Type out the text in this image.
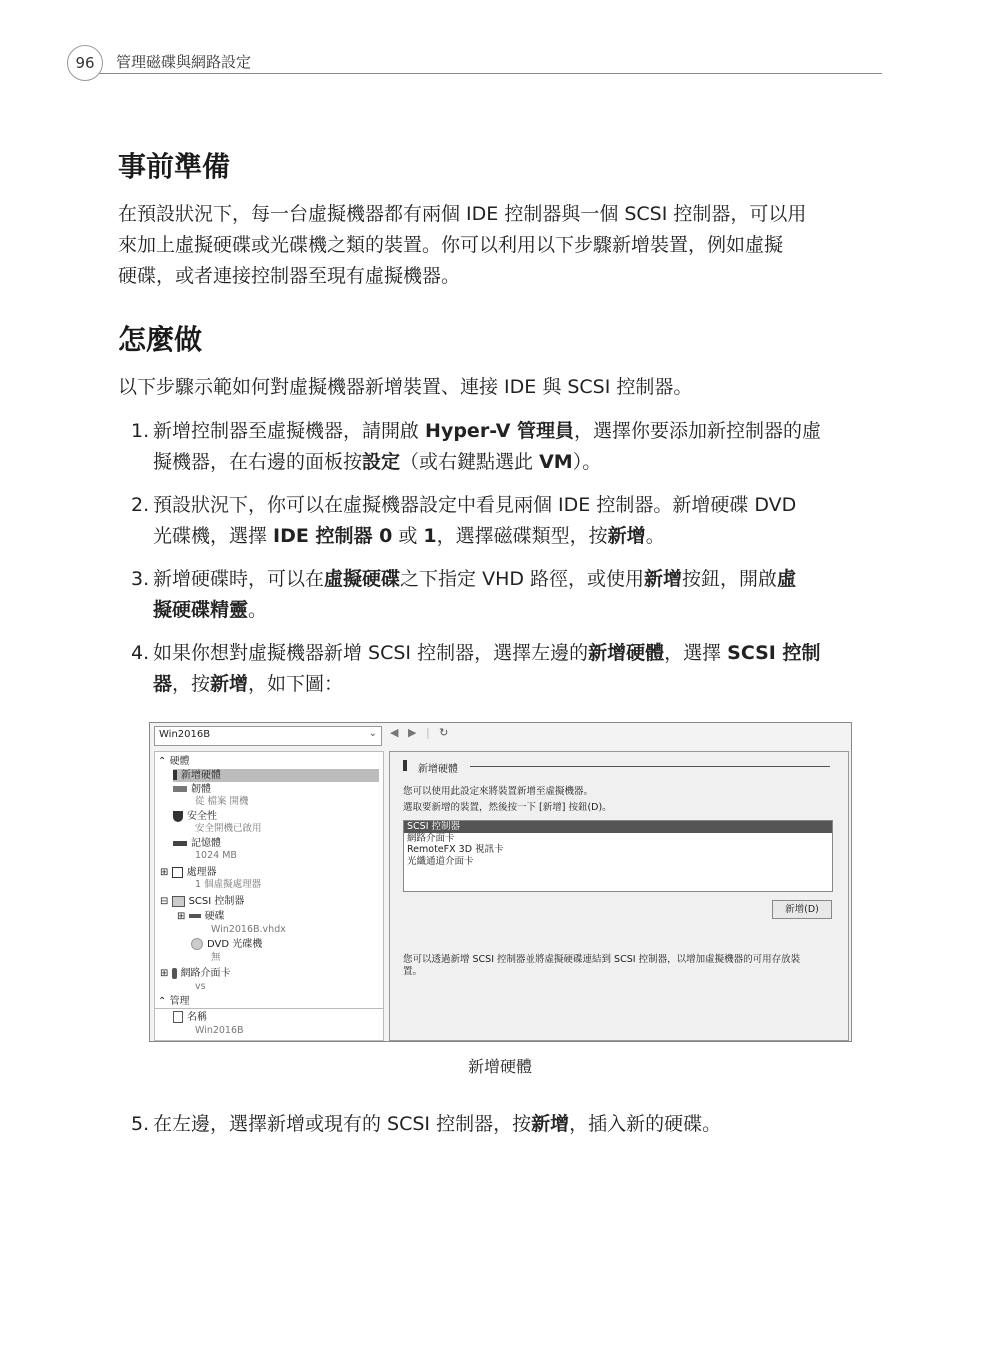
96	管理磁碟與網路設定
事前準備

在預設狀況下，每一台虛擬機器都有兩個 IDE 控制器與一個 SCSI 控制器，可以用

來加上虛擬硬碟或光碟機之類的裝置。你可以利用以下步驟新增裝置，例如虛擬

硬碟，或者連接控制器至現有虛擬機器。

怎麼做

以下步驟示範如何對虛擬機器新增裝置、連接 IDE 與 SCSI 控制器。

1. 新增控制器至虛擬機器，請開啟 Hyper-V 管理員，選擇你要添加新控制器的虛
擬機器，在右邊的面板按設定（或右鍵點選此 VM）。
2. 預設狀況下，你可以在虛擬機器設定中看見兩個 IDE 控制器。新增硬碟 DVD
光碟機，選擇 IDE 控制器 0 或 1，選擇磁碟類型，按新增。
3. 新增硬碟時，可以在虛擬硬碟之下指定 VHD 路徑，或使用新增按鈕，開啟虛
擬硬碟精靈。
4. 如果你想對虛擬機器新增 SCSI 控制器，選擇左邊的新增硬體，選擇 SCSI 控制
器，按新增，如下圖：
Win2016B	⌄ ◀ ▶ | ↻
⌃ 硬體
新增硬體
韌體
從 檔案 開機
安全性
安全開機已啟用
記憶體
1024 MB
⊞ 處理器
1 個虛擬處理器
⊟ SCSI 控制器
⊞ 硬碟
Win2016B.vhdx
DVD 光碟機
無
⊞ 網路介面卡
vs
⌃ 管理
名稱
Win2016B
新增硬體
您可以使用此設定來將裝置新增至虛擬機器。
選取要新增的裝置，然後按一下 [新增] 按鈕(D)。
SCSI 控制器
網路介面卡
RemoteFX 3D 視訊卡
光纖通道介面卡
新增(D)
您可以透過新增 SCSI 控制器並將虛擬硬碟連結到 SCSI 控制器，以增加虛擬機器的可用存放裝
置。
新增硬體
5. 在左邊，選擇新增或現有的 SCSI 控制器，按新增，插入新的硬碟。
